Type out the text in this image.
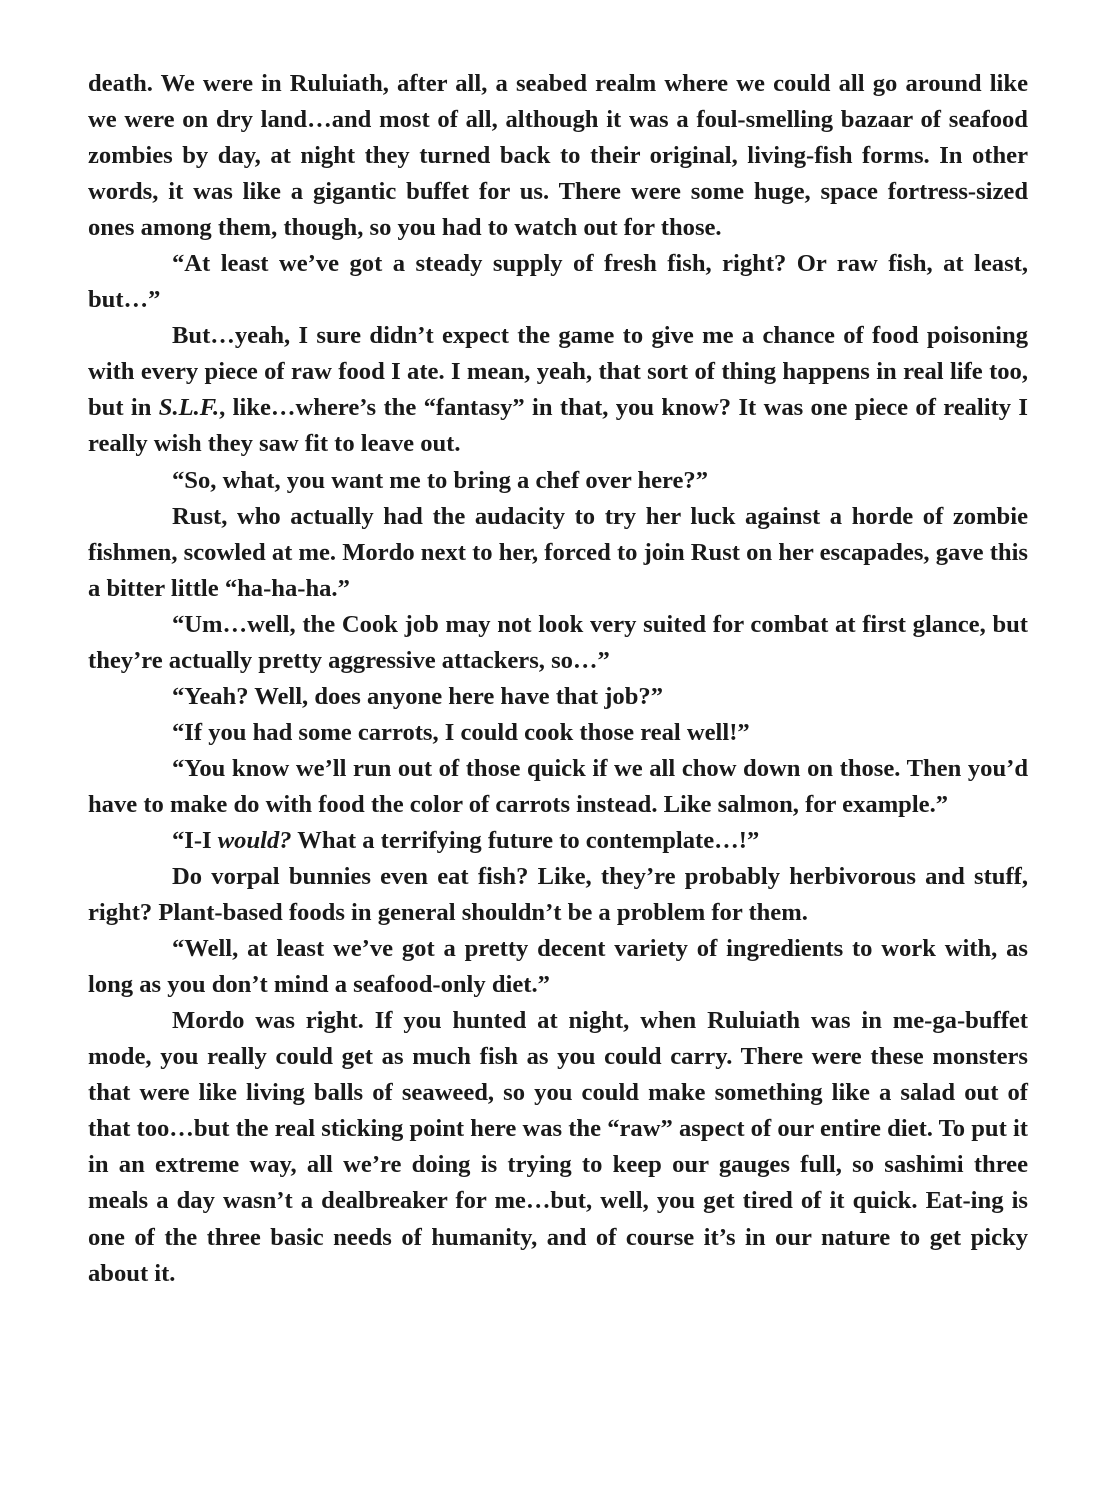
death. We were in Ruluiath, after all, a seabed realm where we could all go around like we were on dry land…and most of all, although it was a foul-smelling bazaar of seafood zombies by day, at night they turned back to their original, living-fish forms. In other words, it was like a gigantic buffet for us. There were some huge, space fortress-sized ones among them, though, so you had to watch out for those.

“At least we’ve got a steady supply of fresh fish, right? Or raw fish, at least, but…”

But…yeah, I sure didn’t expect the game to give me a chance of food poisoning with every piece of raw food I ate. I mean, yeah, that sort of thing happens in real life too, but in S.L.F., like…where’s the “fantasy” in that, you know? It was one piece of reality I really wish they saw fit to leave out.

“So, what, you want me to bring a chef over here?”

Rust, who actually had the audacity to try her luck against a horde of zombie fishmen, scowled at me. Mordo next to her, forced to join Rust on her escapades, gave this a bitter little “ha-ha-ha.”

“Um…well, the Cook job may not look very suited for combat at first glance, but they’re actually pretty aggressive attackers, so…”

“Yeah? Well, does anyone here have that job?”

“If you had some carrots, I could cook those real well!”

“You know we’ll run out of those quick if we all chow down on those. Then you’d have to make do with food the color of carrots instead. Like salmon, for example.”

“I-I would? What a terrifying future to contemplate…!”

Do vorpal bunnies even eat fish? Like, they’re probably herbivorous and stuff, right? Plant-based foods in general shouldn’t be a problem for them.

“Well, at least we’ve got a pretty decent variety of ingredients to work with, as long as you don’t mind a seafood-only diet.”

Mordo was right. If you hunted at night, when Ruluiath was in me-ga-buffet mode, you really could get as much fish as you could carry. There were these monsters that were like living balls of seaweed, so you could make something like a salad out of that too…but the real sticking point here was the “raw” aspect of our entire diet. To put it in an extreme way, all we’re doing is trying to keep our gauges full, so sashimi three meals a day wasn’t a dealbreaker for me…but, well, you get tired of it quick. Eat-ing is one of the three basic needs of humanity, and of course it’s in our nature to get picky about it.
